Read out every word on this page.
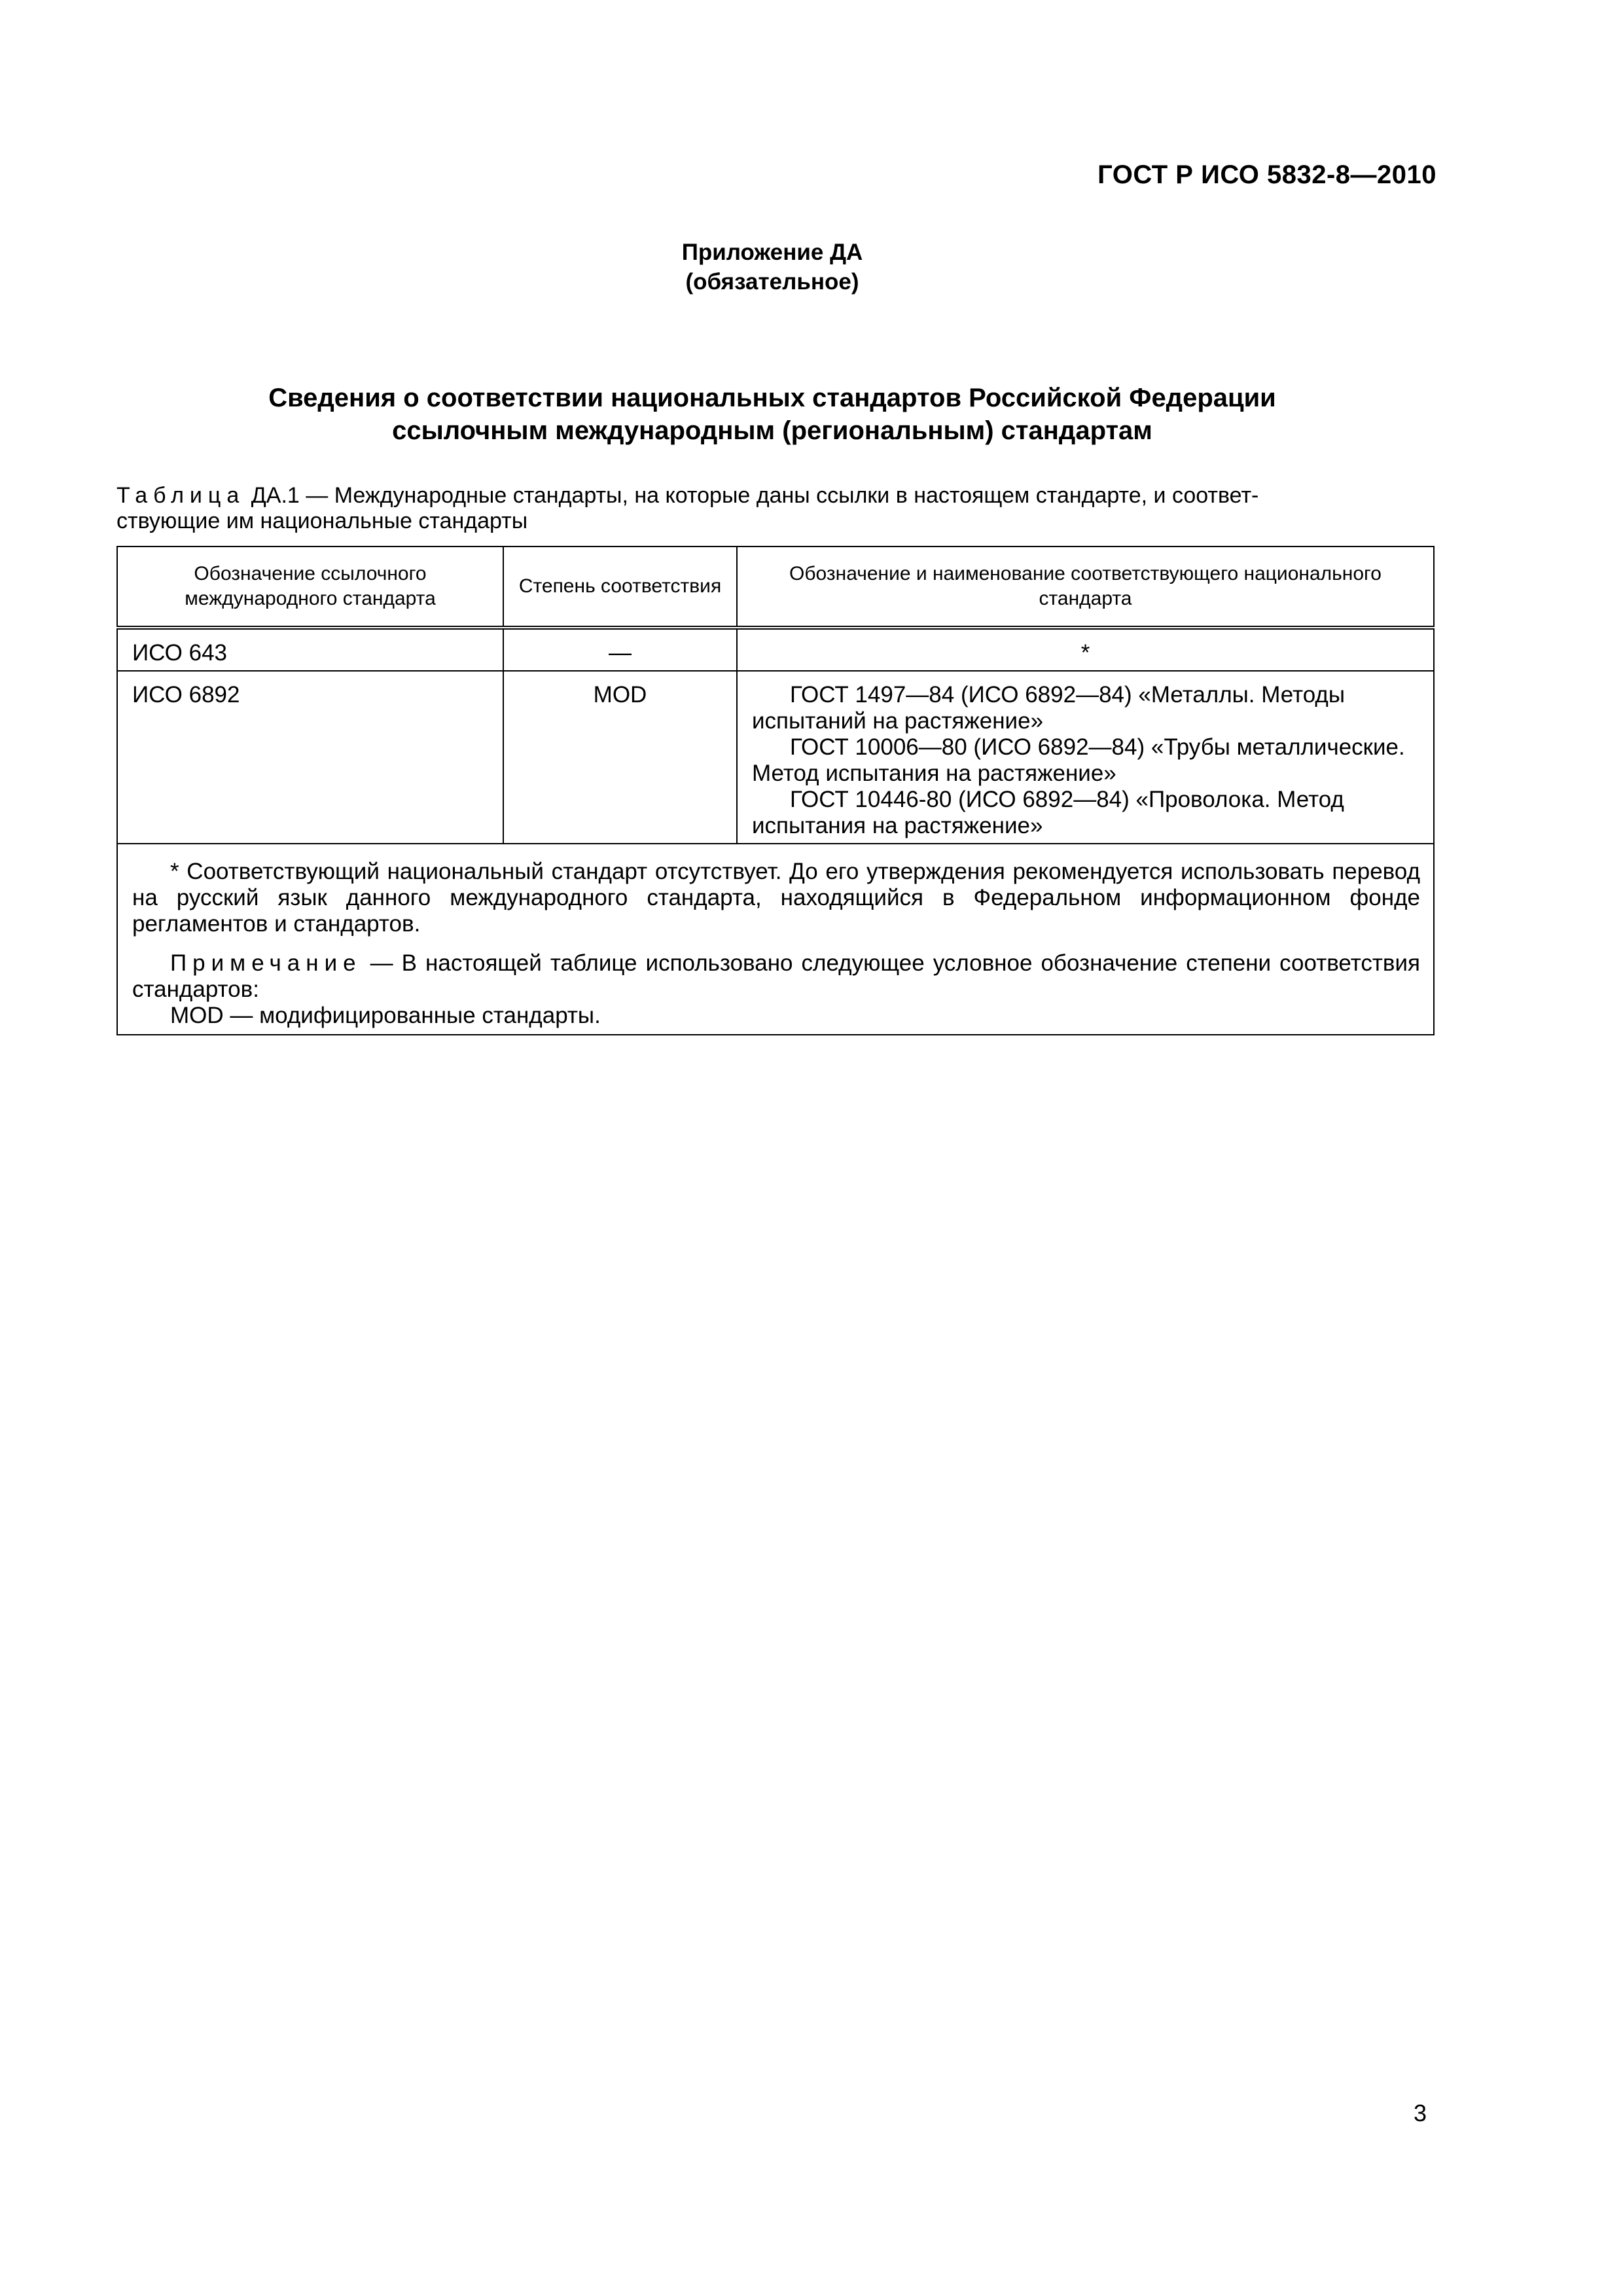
ГОСТ Р ИСО 5832-8—2010
Приложение ДА
(обязательное)
Сведения о соответствии национальных стандартов Российской Федерации
ссылочным международным (региональным) стандартам
Таблица ДА.1 — Международные стандарты, на которые даны ссылки в настоящем стандарте, и соответ-
ствующие им национальные стандарты
Обозначение ссылочного международного стандарта	Степень соответствия	Обозначение и наименование соответствующего национального стандарта
ИСО 643	—	*
ИСО 6892	MOD	ГОСТ 1497—84 (ИСО 6892—84) «Металлы. Методы испытаний на растяжение»
ГОСТ 10006—80 (ИСО 6892—84) «Трубы металлические. Метод испытания на растяжение»
ГОСТ 10446-80 (ИСО 6892—84) «Проволока. Метод испытания на растяжение»

* Соответствующий национальный стандарт отсутствует. До его утверждения рекомендуется использовать перевод на русский язык данного международного стандарта, находящийся в Федеральном информационном фонде регламентов и стандартов.

Примечание — В настоящей таблице использовано следующее условное обозначение степени соответствия стандартов:
MOD — модифицированные стандарты.		

3
